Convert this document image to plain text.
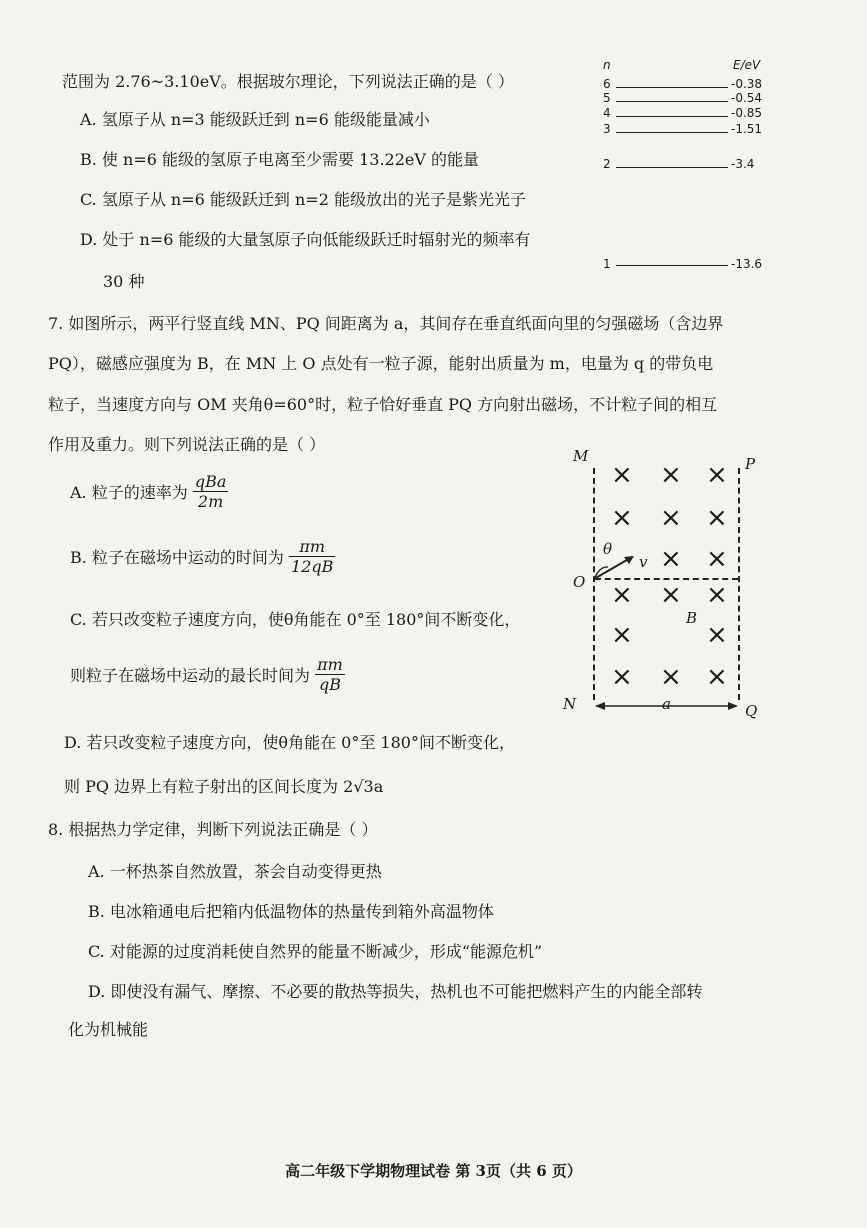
范围为 2.76~3.10eV。根据玻尔理论，下列说法正确的是（ ）
A. 氢原子从 n=3 能级跃迁到 n=6 能级能量减小
B. 使 n=6 能级的氢原子电离至少需要 13.22eV 的能量
C. 氢原子从 n=6 能级跃迁到 n=2 能级放出的光子是紫光光子
D. 处于 n=6 能级的大量氢原子向低能级跃迁时辐射光的频率有
30 种
n	E/eV
6	-0.38
5	-0.54
4	-0.85
3	-1.51
2	-3.4
1	-13.6
7. 如图所示，两平行竖直线 MN、PQ 间距离为 a，其间存在垂直纸面向里的匀强磁场（含边界
PQ），磁感应强度为 B，在 MN 上 O 点处有一粒子源，能射出质量为 m，电量为 q 的带负电
粒子，当速度方向与 OM 夹角θ=60°时，粒子恰好垂直 PQ 方向射出磁场，不计粒子间的相互
作用及重力。则下列说法正确的是（ ）
A. 粒子的速率为 $\frac{\text{qBa}}{2m}$
B. 粒子在磁场中运动的时间为 $\frac{\pi m}{12qB}$
C. 若只改变粒子速度方向，使θ角能在 0°至 180°间不断变化，
则粒子在磁场中运动的最长时间为 $\frac{\pi m}{qB}$
D. 若只改变粒子速度方向，使θ角能在 0°至 180°间不断变化，
则 PQ 边界上有粒子射出的区间长度为 2√3a
M	P
N	Q
O
θ
v
B
a
× × ×
× × ×
× ×
× × ×
×	×
× × ×
8. 根据热力学定律，判断下列说法正确是（ ）
A. 一杯热茶自然放置，茶会自动变得更热
B. 电冰箱通电后把箱内低温物体的热量传到箱外高温物体
C. 对能源的过度消耗使自然界的能量不断减少，形成“能源危机”
D. 即使没有漏气、摩擦、不必要的散热等损失，热机也不可能把燃料产生的内能全部转
化为机械能
高二年级下学期物理试卷 第 3页（共 6 页）
